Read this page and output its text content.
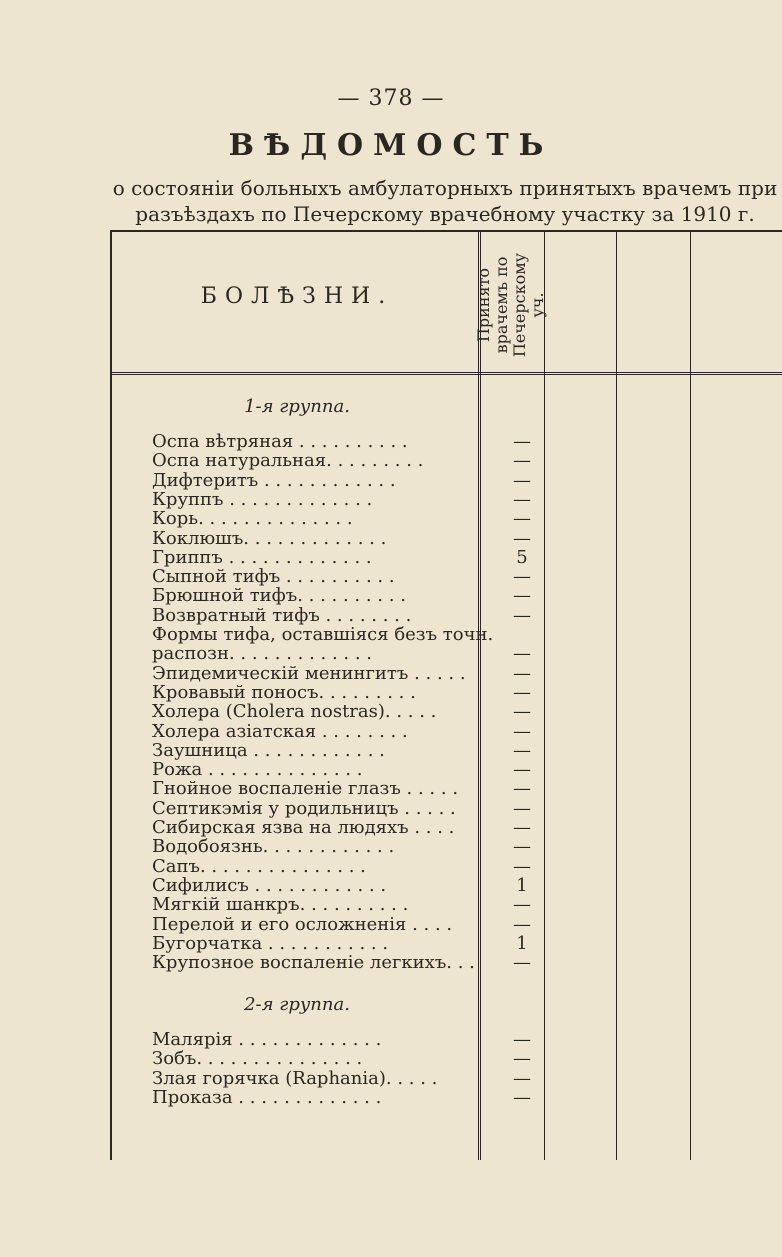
— 378 —
ВѢДОМОСТЬ
о состоянiи больныхъ амбулаторныхъ принятыхъ врачемъ при
разъѣздахъ по Печерскому врачебному участку за 1910 г.
БОЛѢЗНИ.	Принято врачемъ по Печерскому уч.
1-я группа.
Оспа вѣтряная . . . . . . . . . .	—
Оспа натуральная. . . . . . . . .	—
Дифтеритъ . . . . . . . . . . . .	—
Круппъ . . . . . . . . . . . . .	—
Корь. . . . . . . . . . . . . .	—
Коклюшъ. . . . . . . . . . . . .	—
Гриппъ . . . . . . . . . . . . .	5
Сыпной тифъ . . . . . . . . . .	—
Брюшной тифъ. . . . . . . . . .	—
Возвратный тифъ . . . . . . . .	—
Формы тифа, оставшiяся безъ точн.
распозн. . . . . . . . . . . . .	—
Эпидемическiй менингитъ . . . . .	—
Кровавый поносъ. . . . . . . . .	—
Холера (Cholera nostras). . . . .	—
Холера азiатская . . . . . . . .	—
Заушница . . . . . . . . . . . .	—
Рожа . . . . . . . . . . . . . .	—
Гнойное воспаленiе глазъ . . . . .	—
Септикэмiя у родильницъ . . . . .	—
Сибирская язва на людяхъ . . . .	—
Водобоязнь. . . . . . . . . . . .	—
Сапъ. . . . . . . . . . . . . . .	—
Сифилисъ . . . . . . . . . . . .	1
Мягкiй шанкръ. . . . . . . . . .	—
Перелой и его осложненiя . . . .	—
Бугорчатка . . . . . . . . . . .	1
Крупозное воспаленiе легкихъ. . .	—
2-я группа.
Малярiя . . . . . . . . . . . . .	—
Зобъ. . . . . . . . . . . . . . .	—
Злая горячка (Raphania). . . . .	—
Проказа . . . . . . . . . . . . .	—
